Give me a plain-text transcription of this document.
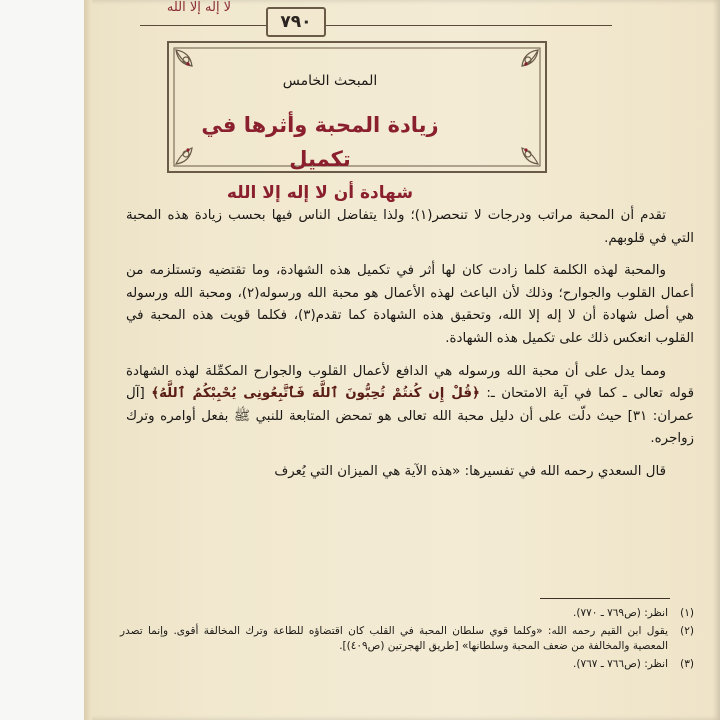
لا إله إلا الله
٧٩٠
المبحث الخامس
زيادة المحبة وأثرها في تكميل
شهادة أن لا إله إلا الله

تقدم أن المحبة مراتب ودرجات لا تنحصر(١)؛ ولذا يتفاضل الناس فيها بحسب زيادة هذه المحبة التي في قلوبهم.

والمحبة لهذه الكلمة كلما زادت كان لها أثر في تكميل هذه الشهادة، وما تقتضيه وتستلزمه من أعمال القلوب والجوارح؛ وذلك لأن الباعث لهذه الأعمال هو محبة الله ورسوله(٢)، ومحبة الله ورسوله هي أصل شهادة أن لا إله إلا الله، وتحقيق هذه الشهادة كما تقدم(٣)، فكلما قويت هذه المحبة في القلوب انعكس ذلك على تكميل هذه الشهادة.

ومما يدل على أن محبة الله ورسوله هي الدافع لأعمال القلوب والجوارح المكمِّلة لهذه الشهادة قوله تعالى ـ كما في آية الامتحان ـ: ﴿قُلْ إِن كُنتُمْ تُحِبُّونَ ٱللَّهَ فَٱتَّبِعُونِى يُحْبِبْكُمُ ٱللَّهُ﴾ [آل عمران: ٣١] حيث دلّت على أن دليل محبة الله تعالى هو تمحض المتابعة للنبي ﷺ بفعل أوامره وترك زواجره.

قال السعدي رحمه الله في تفسيرها: «هذه الآية هي الميزان التي يُعرف

(١)
انظر: (ص٧٦٩ ـ ٧٧٠).
(٢)
يقول ابن القيم رحمه الله: «وكلما قوي سلطان المحبة في القلب كان اقتضاؤه للطاعة وترك المخالفة أقوى. وإنما تصدر المعصية والمخالفة من ضعف المحبة وسلطانها» [طريق الهجرتين (ص٤٠٩)].
(٣)
انظر: (ص٧٦٦ ـ ٧٦٧).
